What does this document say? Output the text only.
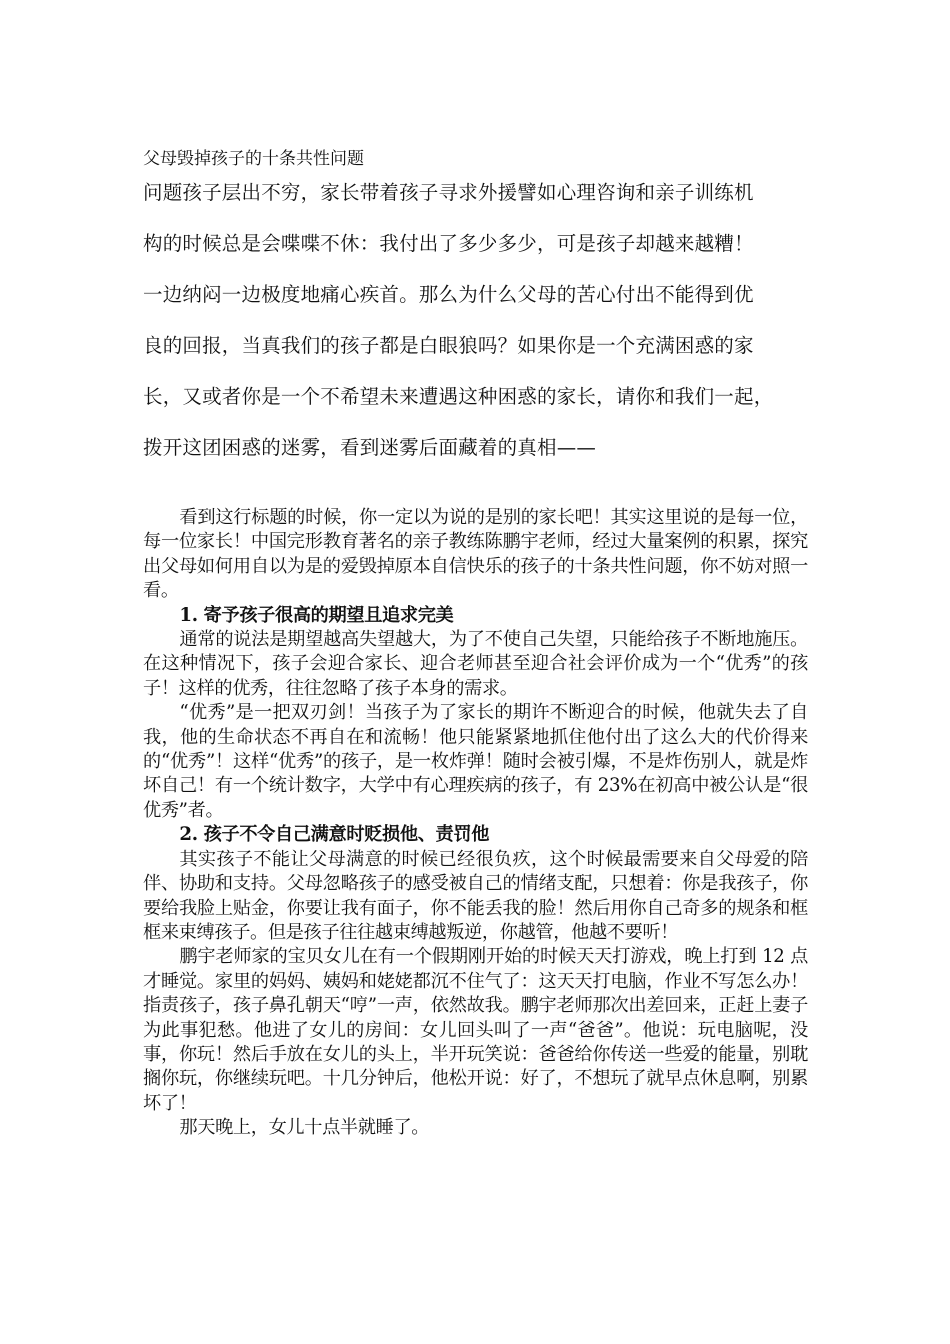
父母毁掉孩子的十条共性问题

问题孩子层出不穷，家长带着孩子寻求外援譬如心理咨询和亲子训练机

构的时候总是会喋喋不休：我付出了多少多少，可是孩子却越来越糟！

一边纳闷一边极度地痛心疾首。那么为什么父母的苦心付出不能得到优

良的回报，当真我们的孩子都是白眼狼吗？如果你是一个充满困惑的家

长，又或者你是一个不希望未来遭遇这种困惑的家长，请你和我们一起，

拨开这团困惑的迷雾，看到迷雾后面藏着的真相——

看到这行标题的时候，你一定以为说的是别的家长吧！其实这里说的是每一位，每一位家长！中国完形教育著名的亲子教练陈鹏宇老师，经过大量案例的积累，探究出父母如何用自以为是的爱毁掉原本自信快乐的孩子的十条共性问题，你不妨对照一看。

1. 寄予孩子很高的期望且追求完美

通常的说法是期望越高失望越大，为了不使自己失望，只能给孩子不断地施压。在这种情况下，孩子会迎合家长、迎合老师甚至迎合社会评价成为一个“优秀”的孩子！这样的优秀，往往忽略了孩子本身的需求。

“优秀”是一把双刃剑！当孩子为了家长的期许不断迎合的时候，他就失去了自我，他的生命状态不再自在和流畅！他只能紧紧地抓住他付出了这么大的代价得来的“优秀”！这样“优秀”的孩子，是一枚炸弹！随时会被引爆，不是炸伤别人，就是炸坏自己！有一个统计数字，大学中有心理疾病的孩子，有 23%在初高中被公认是“很优秀”者。

2. 孩子不令自己满意时贬损他、责罚他

其实孩子不能让父母满意的时候已经很负疚，这个时候最需要来自父母爱的陪伴、协助和支持。父母忽略孩子的感受被自己的情绪支配，只想着：你是我孩子，你要给我脸上贴金，你要让我有面子，你不能丢我的脸！然后用你自己奇多的规条和框框来束缚孩子。但是孩子往往越束缚越叛逆，你越管，他越不要听！

鹏宇老师家的宝贝女儿在有一个假期刚开始的时候天天打游戏，晚上打到 12 点才睡觉。家里的妈妈、姨妈和姥姥都沉不住气了：这天天打电脑，作业不写怎么办！指责孩子，孩子鼻孔朝天“哼”一声，依然故我。鹏宇老师那次出差回来，正赶上妻子为此事犯愁。他进了女儿的房间：女儿回头叫了一声“爸爸”。他说：玩电脑呢，没事，你玩！然后手放在女儿的头上，半开玩笑说：爸爸给你传送一些爱的能量，别耽搁你玩，你继续玩吧。十几分钟后，他松开说：好了，不想玩了就早点休息啊，别累坏了！

那天晚上，女儿十点半就睡了。
